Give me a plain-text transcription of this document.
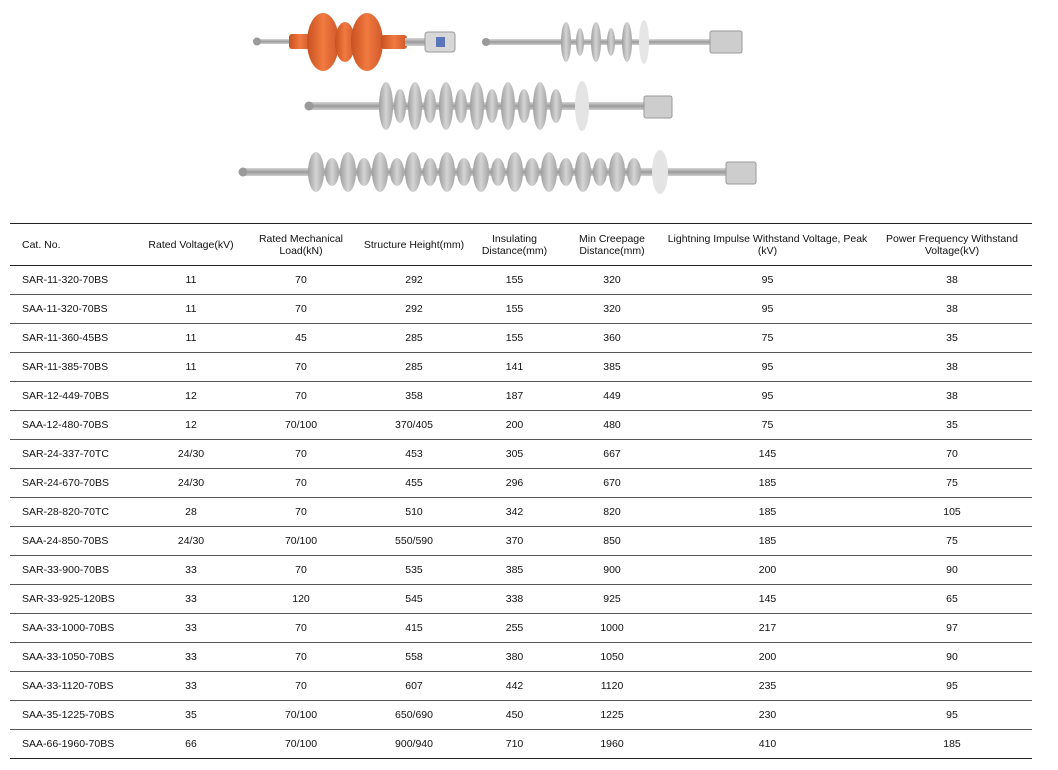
Cat. No.	Rated Voltage(kV)	Rated Mechanical Load(kN)	Structure Height(mm)	Insulating Distance(mm)	Min Creepage Distance(mm)	Lightning Impulse Withstand Voltage, Peak (kV)	Power Frequency Withstand Voltage(kV)
SAR-11-320-70BS	11	70	292	155	320	95	38
SAA-11-320-70BS	11	70	292	155	320	95	38
SAR-11-360-45BS	11	45	285	155	360	75	35
SAR-11-385-70BS	11	70	285	141	385	95	38
SAR-12-449-70BS	12	70	358	187	449	95	38
SAA-12-480-70BS	12	70/100	370/405	200	480	75	35
SAR-24-337-70TC	24/30	70	453	305	667	145	70
SAR-24-670-70BS	24/30	70	455	296	670	185	75
SAR-28-820-70TC	28	70	510	342	820	185	105
SAA-24-850-70BS	24/30	70/100	550/590	370	850	185	75
SAR-33-900-70BS	33	70	535	385	900	200	90
SAR-33-925-120BS	33	120	545	338	925	145	65
SAA-33-1000-70BS	33	70	415	255	1000	217	97
SAA-33-1050-70BS	33	70	558	380	1050	200	90
SAA-33-1120-70BS	33	70	607	442	1120	235	95
SAA-35-1225-70BS	35	70/100	650/690	450	1225	230	95
SAA-66-1960-70BS	66	70/100	900/940	710	1960	410	185
